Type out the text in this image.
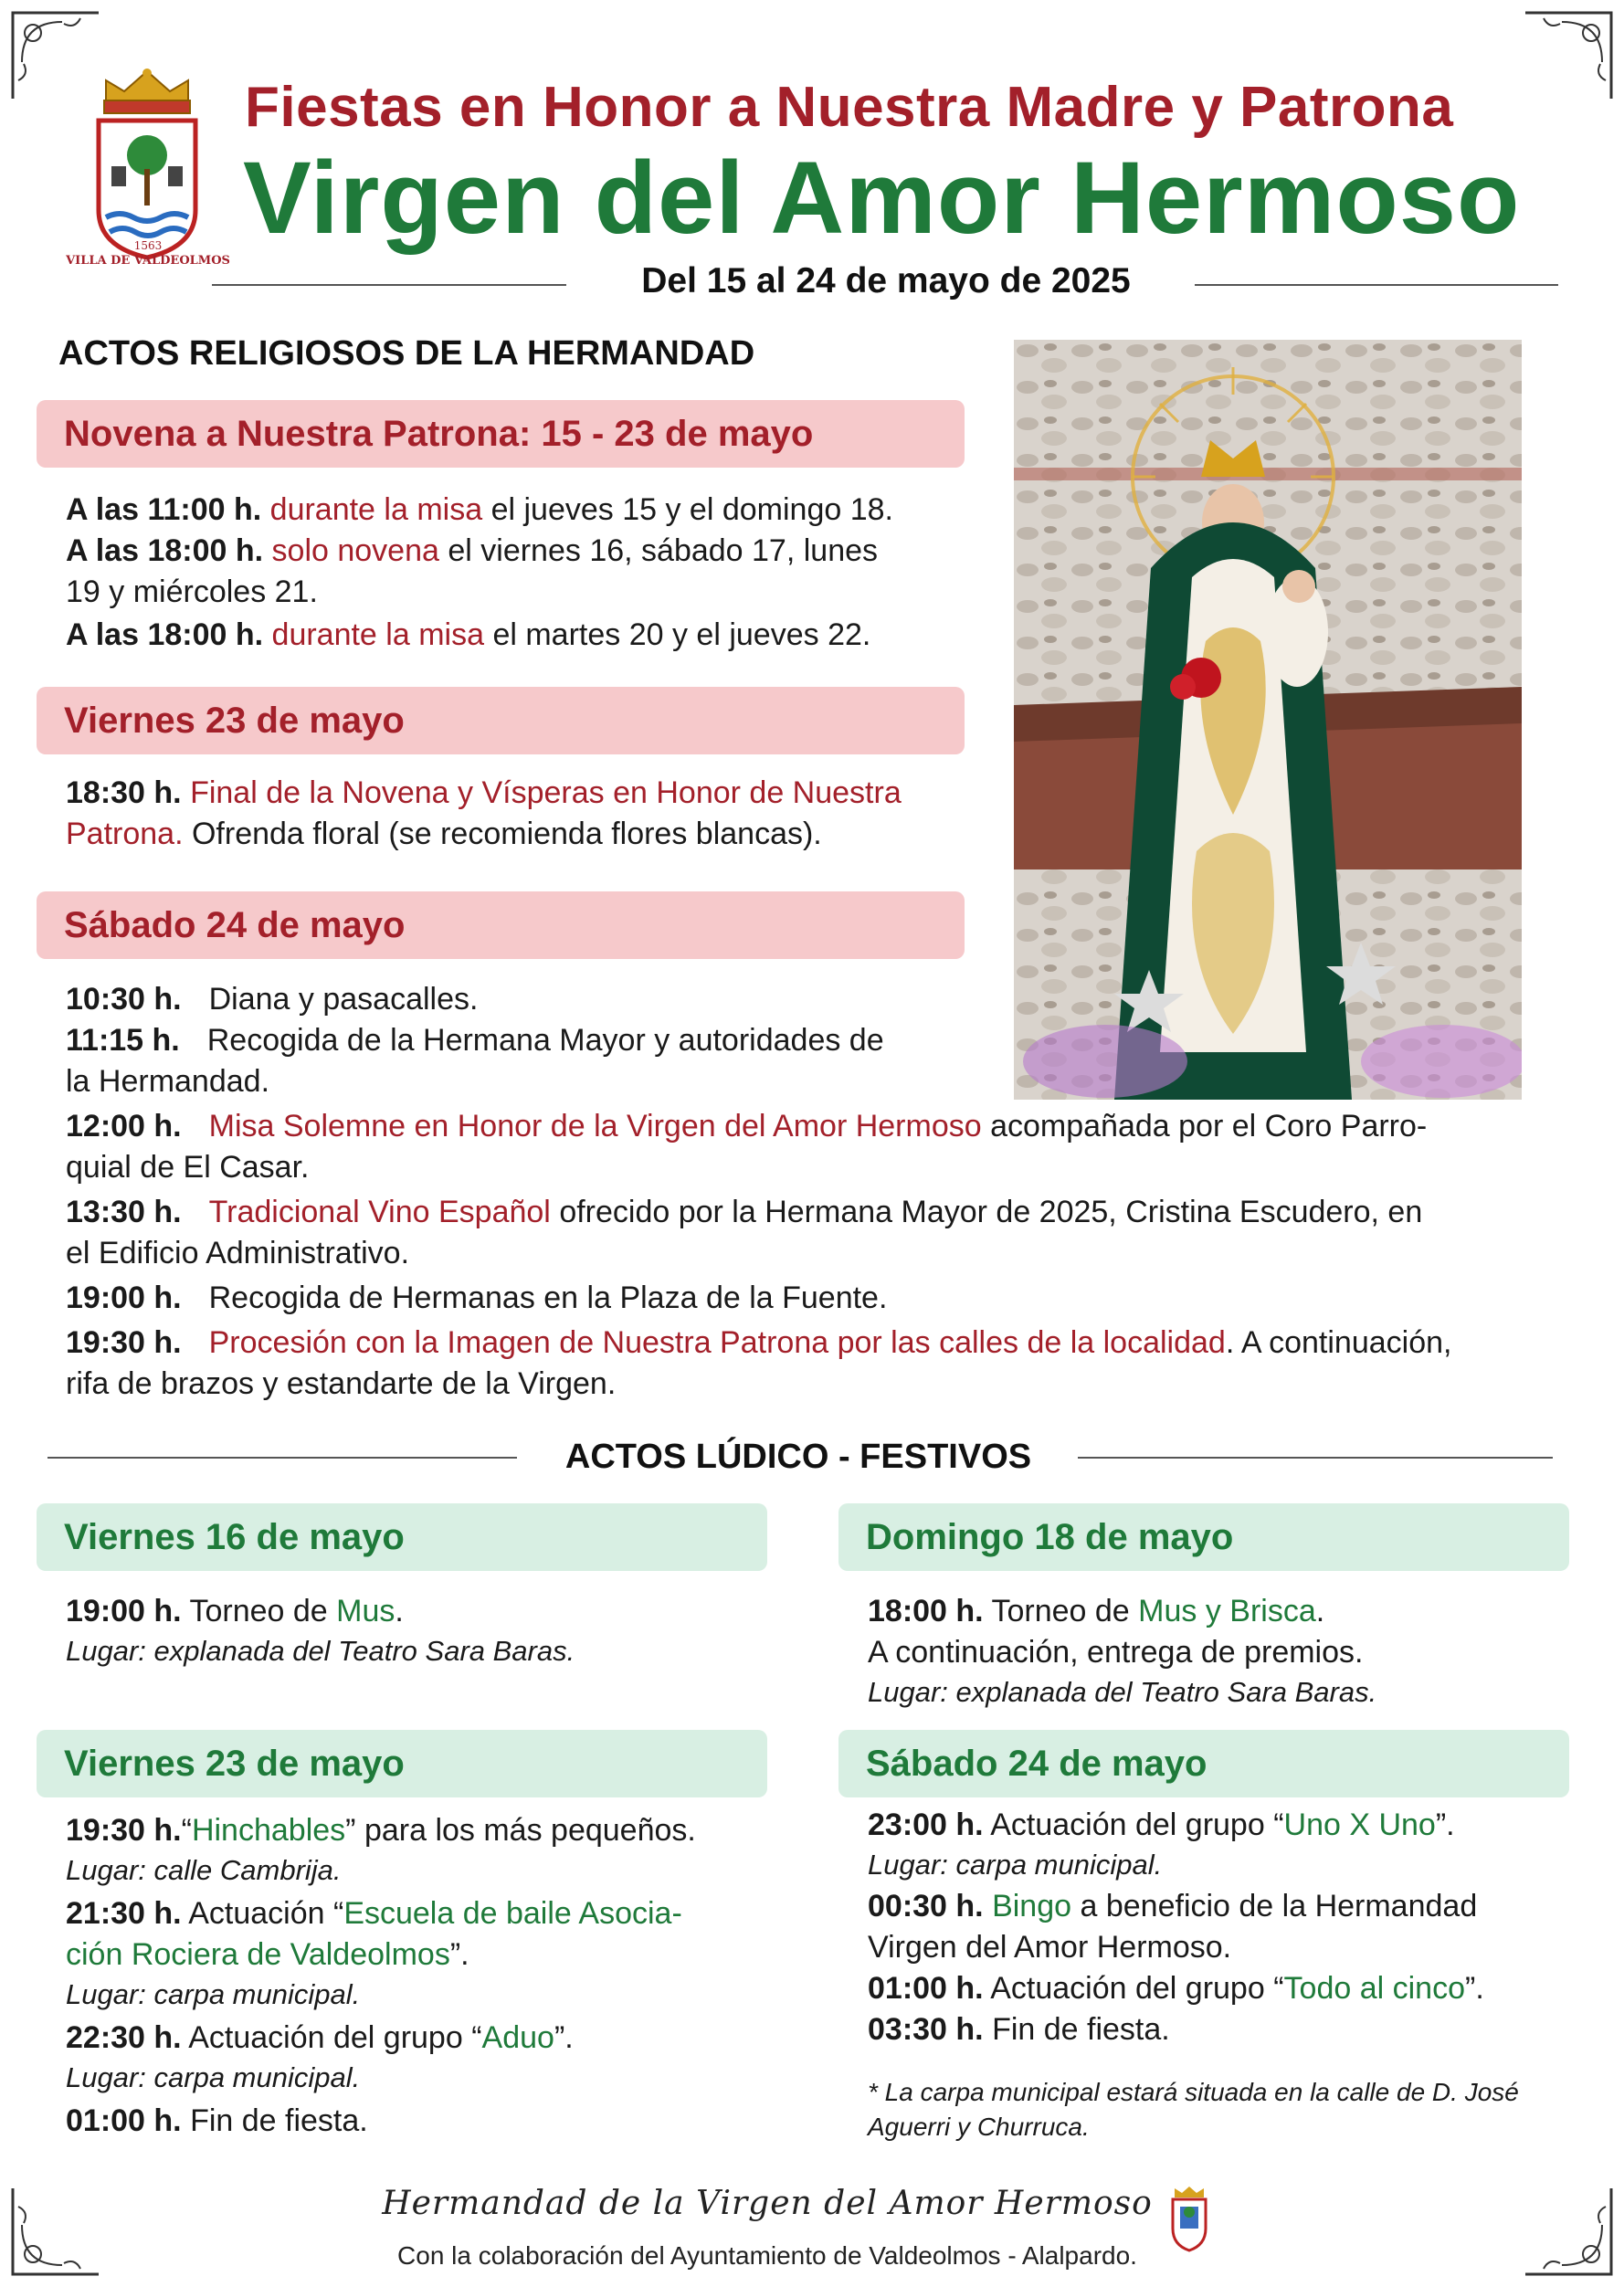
1563
VILLA DE VALDEOLMOS
Fiestas en Honor a Nuestra Madre y Patrona
Virgen del Amor Hermoso
Del 15 al 24 de mayo de 2025
ACTOS RELIGIOSOS DE LA HERMANDAD
Novena a Nuestra Patrona: 15 - 23 de mayo
A las 11:00 h. durante la misa el jueves 15 y el domingo 18.
A las 18:00 h. solo novena el viernes 16, sábado 17, lunes
19 y miércoles 21.
A las 18:00 h. durante la misa el martes 20 y el jueves 22.
Viernes 23 de mayo
18:30 h. Final de la Novena y Vísperas en Honor de Nuestra
Patrona. Ofrenda floral (se recomienda flores blancas).
Sábado 24 de mayo
10:30 h. Diana y pasacalles.
11:15 h. Recogida de la Hermana Mayor y autoridades de
la Hermandad.
12:00 h. Misa Solemne en Honor de la Virgen del Amor Hermoso acompañada por el Coro Parro-
quial de El Casar.
13:30 h. Tradicional Vino Español ofrecido por la Hermana Mayor de 2025, Cristina Escudero, en
el Edificio Administrativo.
19:00 h. Recogida de Hermanas en la Plaza de la Fuente.
19:30 h. Procesión con la Imagen de Nuestra Patrona por las calles de la localidad. A continuación,
rifa de brazos y estandarte de la Virgen.
ACTOS LÚDICO - FESTIVOS
Viernes 16 de mayo
19:00 h. Torneo de Mus.
Lugar: explanada del Teatro Sara Baras.
Domingo 18 de mayo
18:00 h. Torneo de Mus y Brisca.
A continuación, entrega de premios.
Lugar: explanada del Teatro Sara Baras.
Viernes 23 de mayo
19:30 h.“Hinchables” para los más pequeños.
Lugar: calle Cambrija.
21:30 h. Actuación “Escuela de baile Asocia-
ción Rociera de Valdeolmos”.
Lugar: carpa municipal.
22:30 h. Actuación del grupo “Aduo”.
Lugar: carpa municipal.
01:00 h. Fin de fiesta.
Sábado 24 de mayo
23:00 h. Actuación del grupo “Uno X Uno”.
Lugar: carpa municipal.
00:30 h. Bingo a beneficio de la Hermandad
Virgen del Amor Hermoso.
01:00 h. Actuación del grupo “Todo al cinco”.
03:30 h. Fin de fiesta.
* La carpa municipal estará situada en la calle de D. José
Aguerri y Churruca.
Hermandad de la Virgen del Amor Hermoso
Con la colaboración del Ayuntamiento de Valdeolmos - Alalpardo.
